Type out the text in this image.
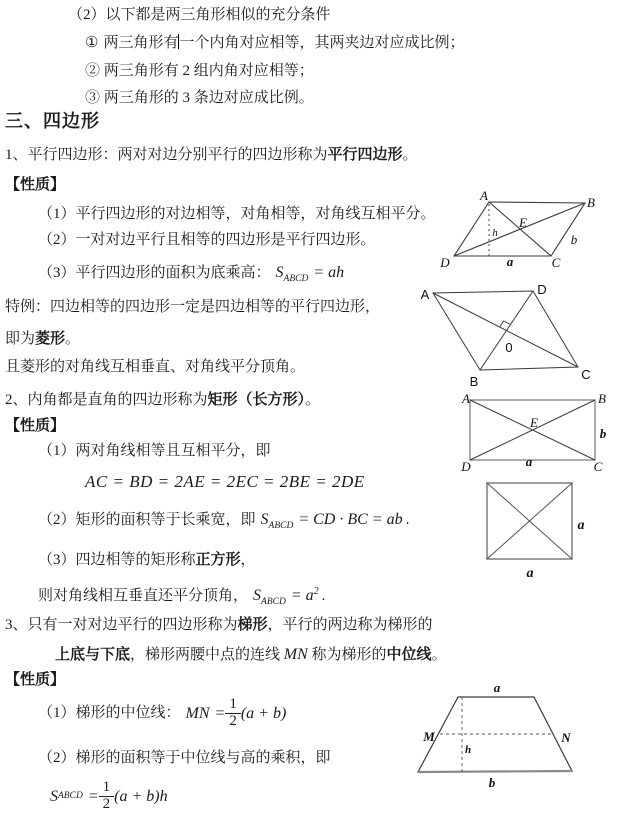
（2）以下都是两三角形相似的充分条件
① 两三角形有一个内角对应相等，其两夹边对应成比例；
② 两三角形有 2 组内角对应相等；
③ 两三角形的 3 条边对应成比例。
三、四边形
1、平行四边形：两对对边分别平行的四边形称为平行四边形。
【性质】
（1）平行四边形的对边相等，对角相等，对角线互相平分。
（2）一对对边平行且相等的四边形是平行四边形。
（3）平行四边形的面积为底乘高： $S_{ABCD}$ = ah
特例：四边相等的四边形一定是四边相等的平行四边形，
即为菱形。
且菱形的对角线互相垂直、对角线平分顶角。
2、内角都是直角的四边形称为矩形（长方形）。
【性质】
（1）两对角线相等且互相平分，即
AC = BD = 2AE = 2EC = 2BE = 2DE
（2）矩形的面积等于长乘宽，即 $S_{ABCD}$ = CD · BC = ab .
（3）四边相等的矩形称正方形，
则对角线相互垂直还平分顶角， $S_{ABCD} = a^2$ .
3、只有一对对边平行的四边形称为梯形，平行的两边称为梯形的
上底与下底，梯形两腰中点的连线 MN 称为梯形的中位线。
【性质】
（1）梯形的中位线： MN = $\frac{1}{2} (a + b)$
（2）梯形的面积等于中位线与高的乘积，即
S ABCD = $\frac{1}{2} (a + b)h$
A	B
E
h
D	a	C
b
A	D
0
B	C
A	B
E
b
D	a	C
a
a
a
M	N
h
b
